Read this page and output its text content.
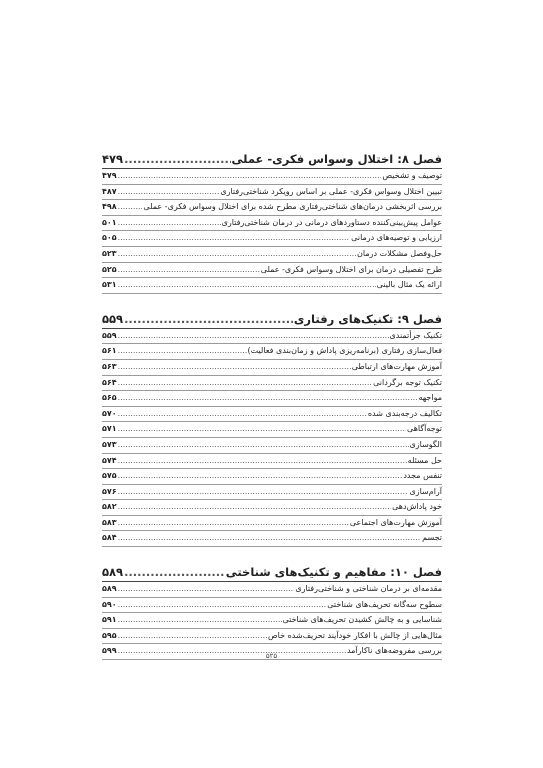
فصل ۸: اختلال وسواس فکری- عملی
.....
۴۷۹
توصیف و تشخیص
.....
۴۷۹
تبیین اختلال وسواس فکری- عملی بر اساس رویکرد شناختی‌رفتاری
.....
۴۸۷
بررسی اثربخشی درمان‌های شناختی‌رفتاری مطرح شده برای اختلال وسواس فکری- عملی
.....
۴۹۸
عوامل پیش‌بینی‌کننده دستاوردهای درمانی در درمان شناختی‌رفتاری
.....
۵۰۱
ارزیابی و توصیه‌های درمانی
.....
۵۰۵
حل‌وفصل مشکلات درمان
.....
۵۲۳
طرح تفصیلی درمان برای اختلال وسواس فکری- عملی
.....
۵۲۵
ارائه یک مثال بالینی
.....
۵۳۱
فصل ۹: تکنیک‌های رفتاری
.....
۵۵۹
تکنیک جرأتمندی
.....
۵۵۹
فعال‌سازی رفتاری (برنامه‌ریزی پاداش و زمان‌بندی فعالیت)
.....
۵۶۱
آموزش مهارت‌های ارتباطی
.....
۵۶۳
تکنیک توجه برگردانی
.....
۵۶۴
مواجهه
.....
۵۶۵
تکالیف درجه‌بندی شده
.....
۵۷۰
توجه‌آگاهی
.....
۵۷۱
الگوسازی
.....
۵۷۳
حل مسئله
.....
۵۷۴
تنفس مجدد
.....
۵۷۵
آرام‌سازی
.....
۵۷۶
خود پاداش‌دهی
.....
۵۸۲
آموزش مهارت‌های اجتماعی
.....
۵۸۳
تجسم
.....
۵۸۴
فصل ۱۰: مفاهیم و تکنیک‌های شناختی
.....
۵۸۹
مقدمه‌ای بر درمان شناختی و شناختی‌رفتاری
.....
۵۸۹
سطوح سه‌گانه تحریف‌های شناختی
.....
۵۹۰
شناسایی و به چالش کشیدن تحریف‌های شناختی
.....
۵۹۱
مثال‌هایی از چالش با افکار خودآیند تحریف‌شده خاص
.....
۵۹۵
بررسی مفروضه‌های ناکارآمد
.....
۵۹۹
۵۲۵
